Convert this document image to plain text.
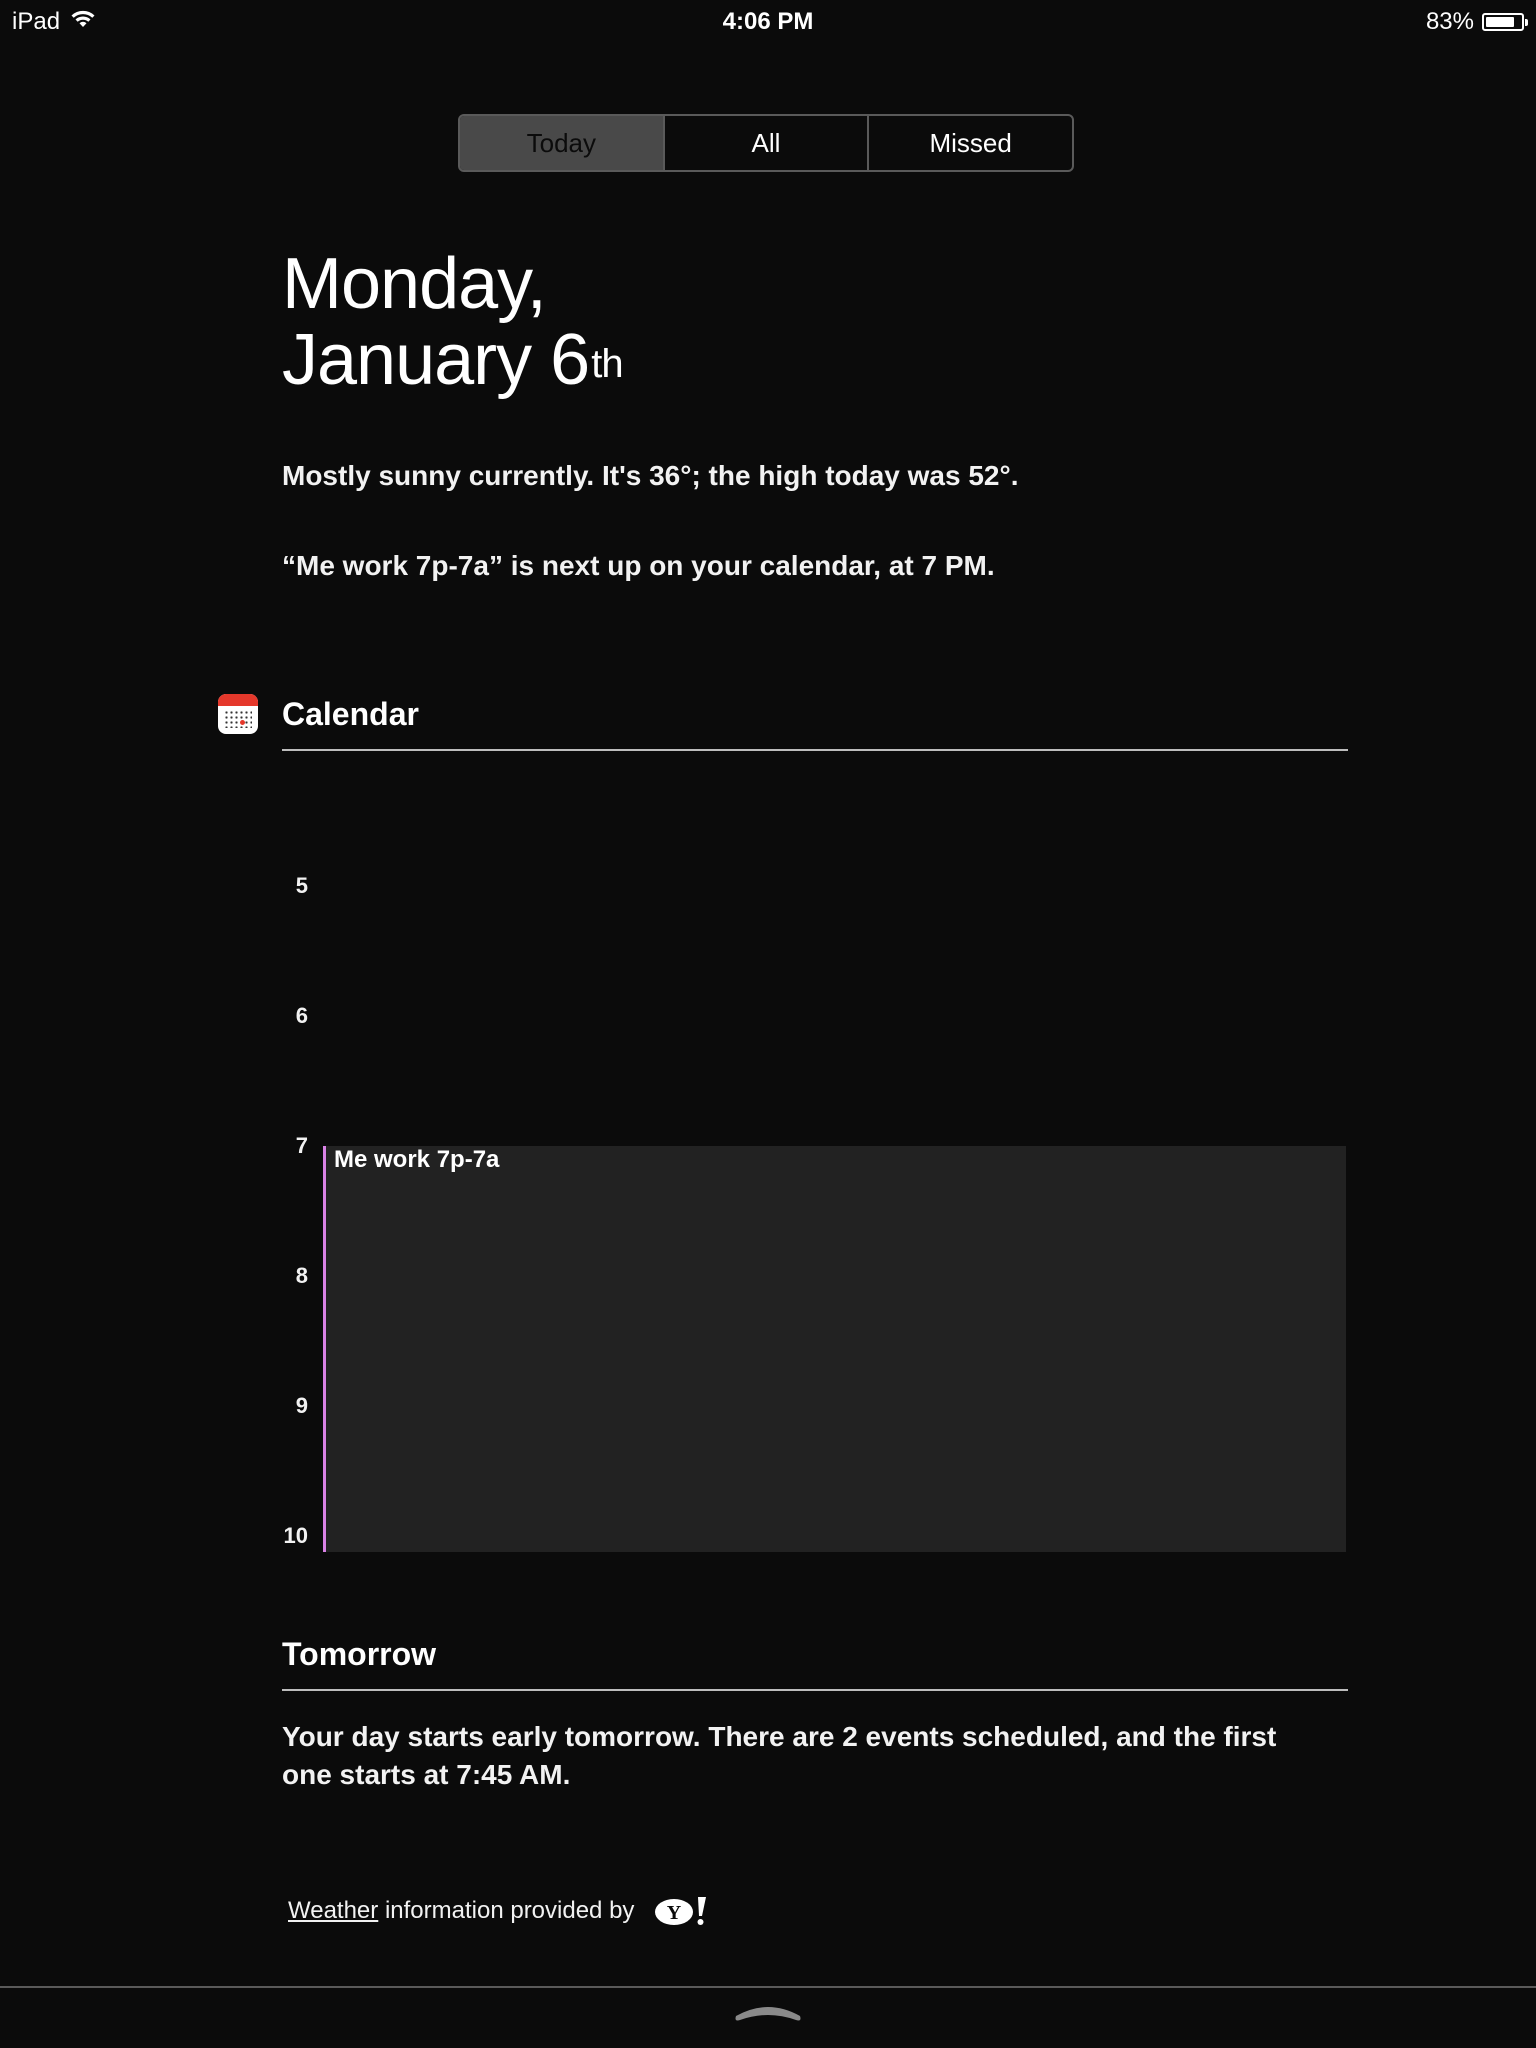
iPad	4:06 PM	83%
Today	All	Missed
Monday,
January 6th
Mostly sunny currently. It's 36°; the high today was 52°.
“Me work 7p-7a” is next up on your calendar, at 7 PM.
Calendar
5
6
7
8
9
10
Me work 7p-7a
Tomorrow
Your day starts early tomorrow. There are 2 events scheduled, and the first one starts at 7:45 AM.
Weather
information provided by Y
